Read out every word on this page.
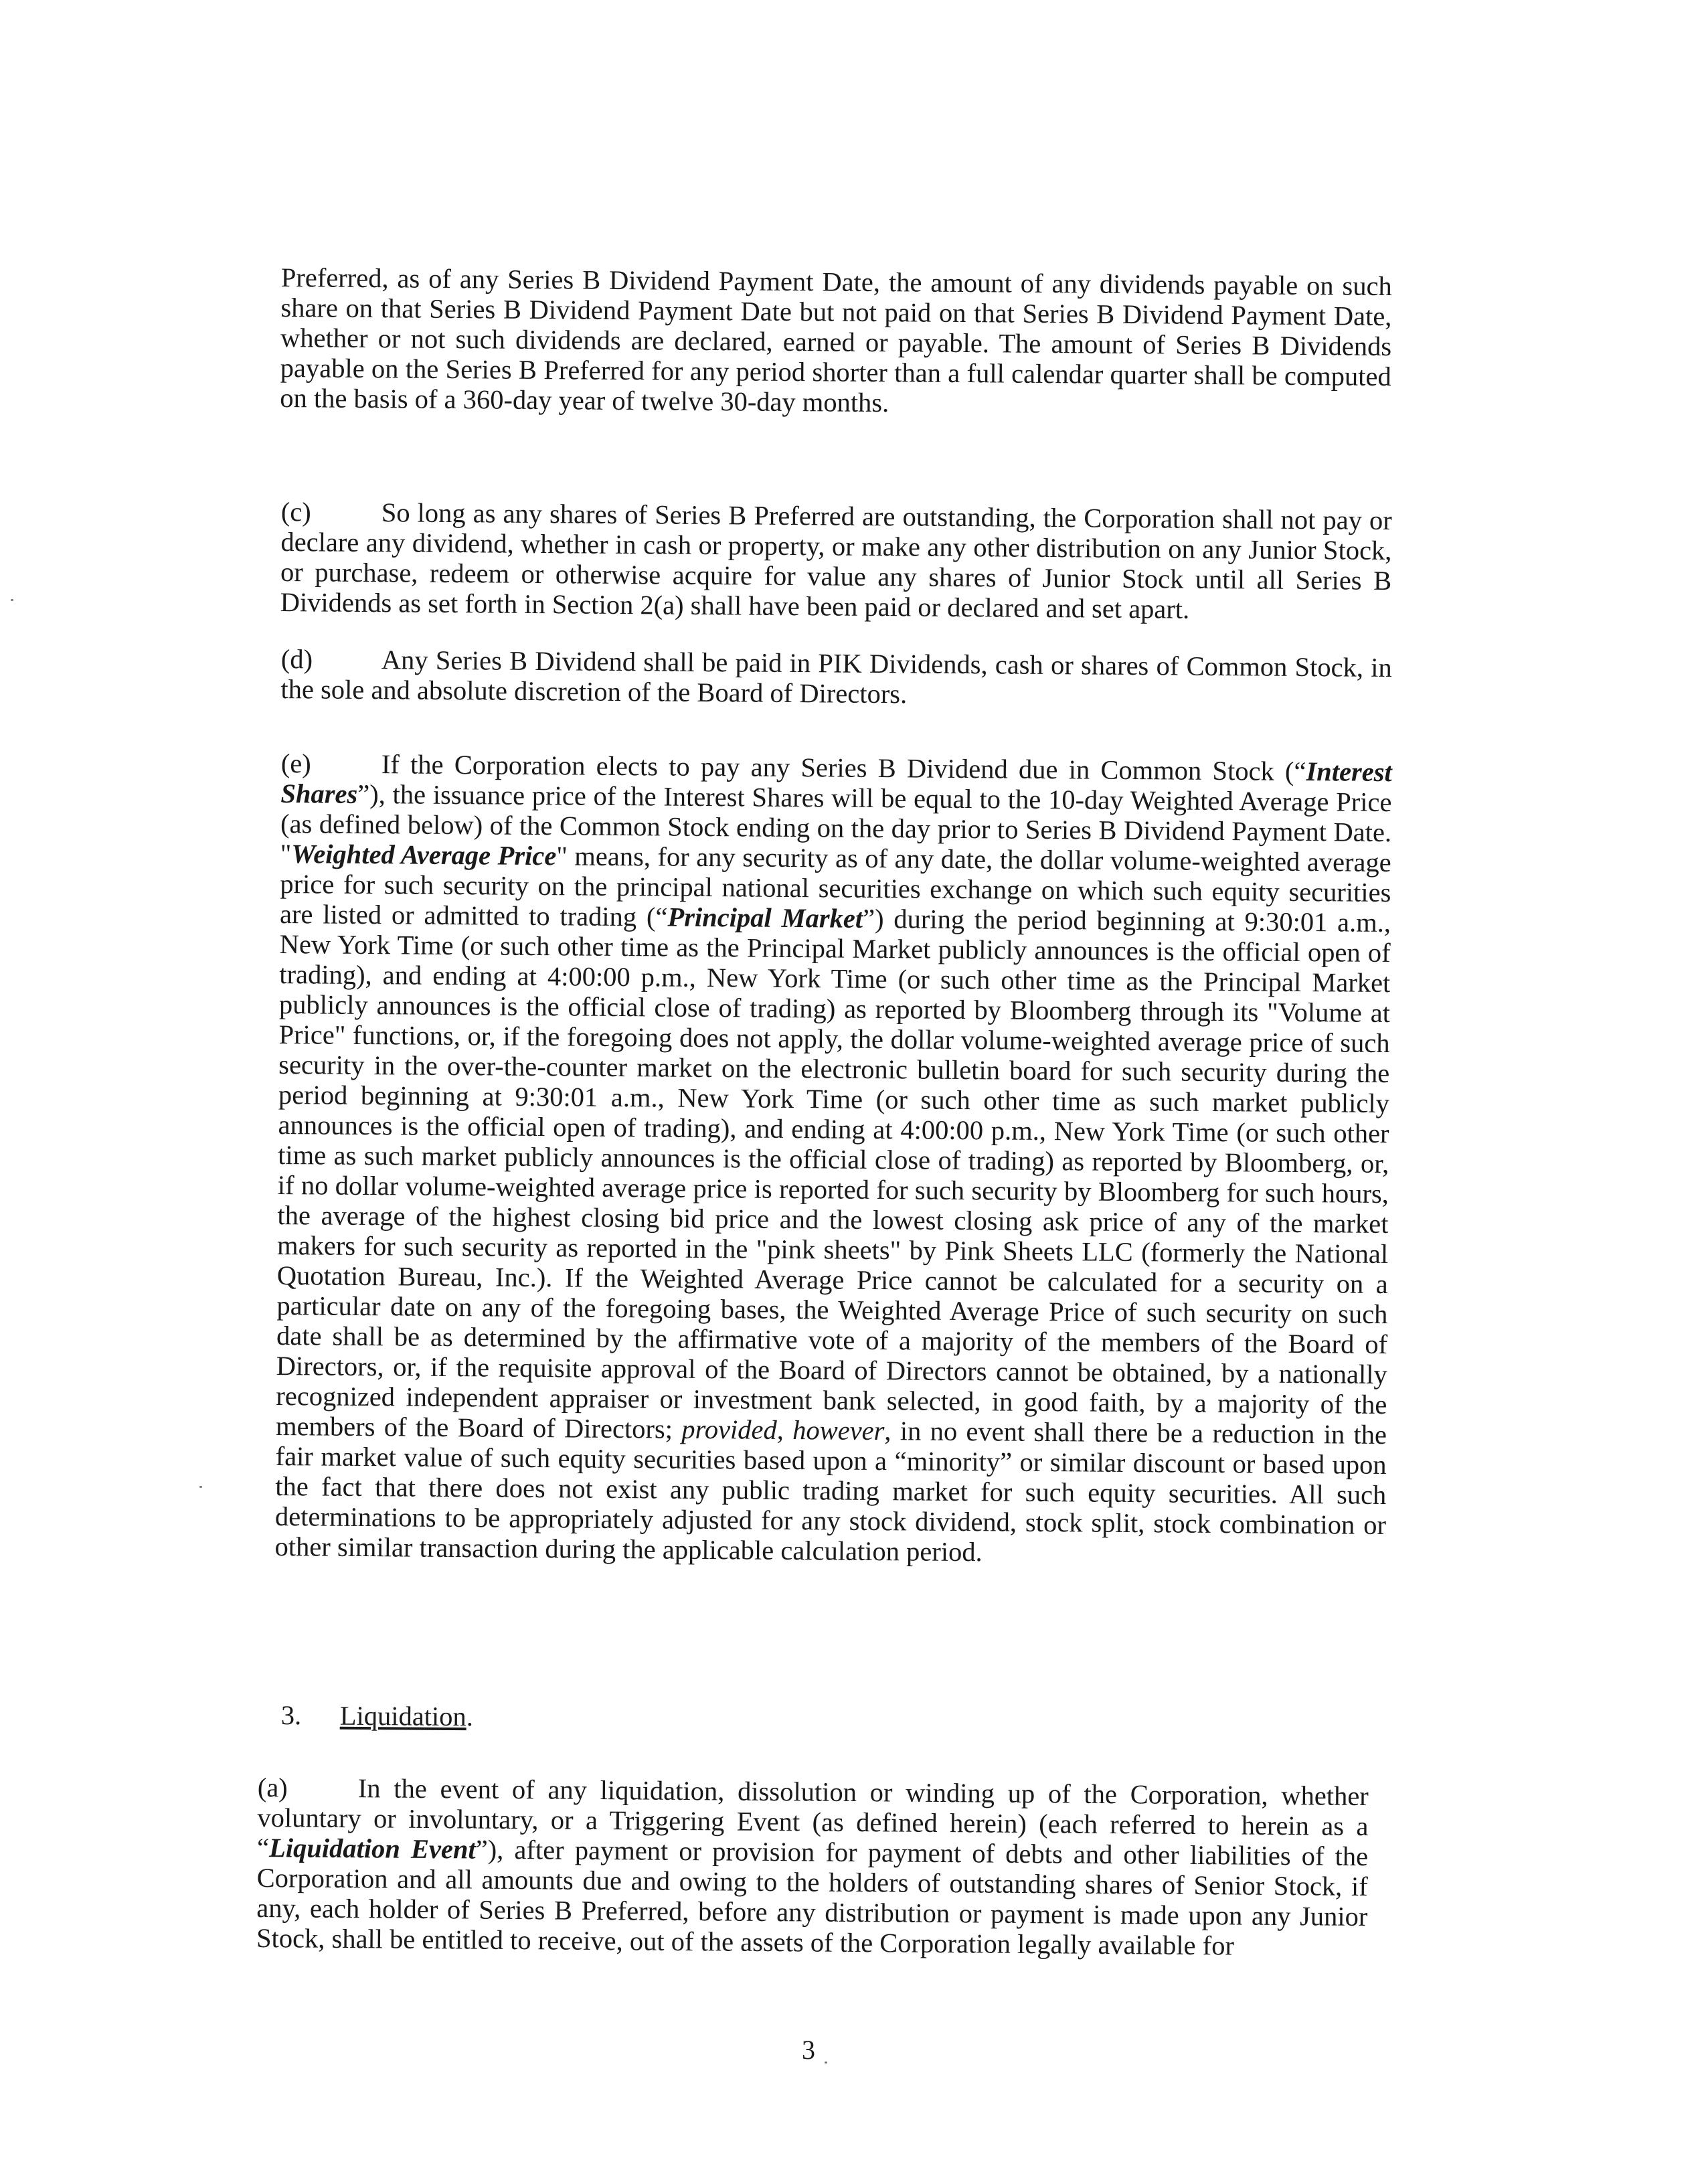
Preferred, as of any Series B Dividend Payment Date, the amount of any dividends payable on such share on that Series B Dividend Payment Date but not paid on that Series B Dividend Payment Date, whether or not such dividends are declared, earned or payable. The amount of Series B Dividends payable on the Series B Preferred for any period shorter than a full calendar quarter shall be computed on the basis of a 360-day year of twelve 30-day months.

(c)	So long as any shares of Series B Preferred are outstanding, the Corporation shall not pay or declare any dividend, whether in cash or property, or make any other distribution on any Junior Stock, or purchase, redeem or otherwise acquire for value any shares of Junior Stock until all Series B Dividends as set forth in Section 2(a) shall have been paid or declared and set apart.

(d)	Any Series B Dividend shall be paid in PIK Dividends, cash or shares of Common Stock, in the sole and absolute discretion of the Board of Directors.

(e)	If the Corporation elects to pay any Series B Dividend due in Common Stock (“Interest Shares”), the issuance price of the Interest Shares will be equal to the 10-day Weighted Average Price (as defined below) of the Common Stock ending on the day prior to Series B Dividend Payment Date. "Weighted Average Price" means, for any security as of any date, the dollar volume-weighted average price for such security on the principal national securities exchange on which such equity securities are listed or admitted to trading (“Principal Market”) during the period beginning at 9:30:01 a.m., New York Time (or such other time as the Principal Market publicly announces is the official open of trading), and ending at 4:00:00 p.m., New York Time (or such other time as the Principal Market publicly announces is the official close of trading) as reported by Bloomberg through its "Volume at Price" functions, or, if the foregoing does not apply, the dollar volume-weighted average price of such security in the over-the-counter market on the electronic bulletin board for such security during the period beginning at 9:30:01 a.m., New York Time (or such other time as such market publicly announces is the official open of trading), and ending at 4:00:00 p.m., New York Time (or such other time as such market publicly announces is the official close of trading) as reported by Bloomberg, or, if no dollar volume-weighted average price is reported for such security by Bloomberg for such hours, the average of the highest closing bid price and the lowest closing ask price of any of the market makers for such security as reported in the "pink sheets" by Pink Sheets LLC (formerly the National Quotation Bureau, Inc.). If the Weighted Average Price cannot be calculated for a security on a particular date on any of the foregoing bases, the Weighted Average Price of such security on such date shall be as determined by the affirmative vote of a majority of the members of the Board of Directors, or, if the requisite approval of the Board of Directors cannot be obtained, by a nationally recognized independent appraiser or investment bank selected, in good faith, by a majority of the members of the Board of Directors; provided, however, in no event shall there be a reduction in the fair market value of such equity securities based upon a “minority” or similar discount or based upon the fact that there does not exist any public trading market for such equity securities. All such determinations to be appropriately adjusted for any stock dividend, stock split, stock combination or other similar transaction during the applicable calculation period.

3. Liquidation.

(a)	In the event of any liquidation, dissolution or winding up of the Corporation, whether voluntary or involuntary, or a Triggering Event (as defined herein) (each referred to herein as a “Liquidation Event”), after payment or provision for payment of debts and other liabilities of the Corporation and all amounts due and owing to the holders of outstanding shares of Senior Stock, if any, each holder of Series B Preferred, before any distribution or payment is made upon any Junior Stock, shall be entitled to receive, out of the assets of the Corporation legally available for

3
